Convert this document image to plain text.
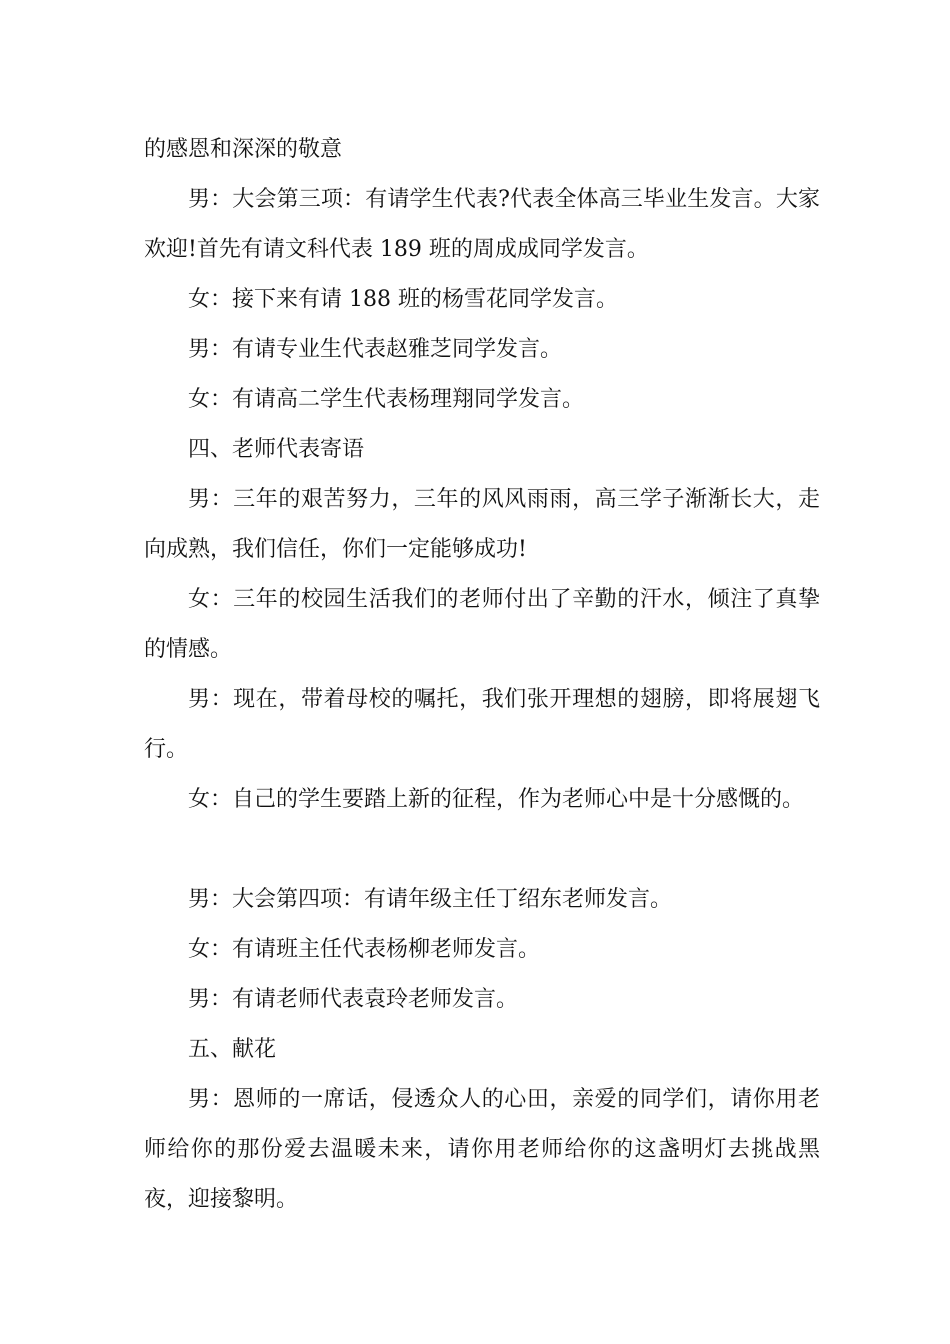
的感恩和深深的敬意

男：大会第三项：有请学生代表?代表全体高三毕业生发言。大家欢迎!首先有请文科代表 189 班的周成成同学发言。

女：接下来有请 188 班的杨雪花同学发言。

男：有请专业生代表赵雅芝同学发言。

女：有请高二学生代表杨理翔同学发言。

四、老师代表寄语

男：三年的艰苦努力，三年的风风雨雨，高三学子渐渐长大，走向成熟，我们信任，你们一定能够成功!

女：三年的校园生活我们的老师付出了辛勤的汗水，倾注了真挚的情感。

男：现在，带着母校的嘱托，我们张开理想的翅膀，即将展翅飞行。

女：自己的学生要踏上新的征程，作为老师心中是十分感慨的。

男：大会第四项：有请年级主任丁绍东老师发言。

女：有请班主任代表杨柳老师发言。

男：有请老师代表袁玲老师发言。

五、献花

男：恩师的一席话，侵透众人的心田，亲爱的同学们，请你用老师给你的那份爱去温暖未来，请你用老师给你的这盏明灯去挑战黑夜，迎接黎明。
